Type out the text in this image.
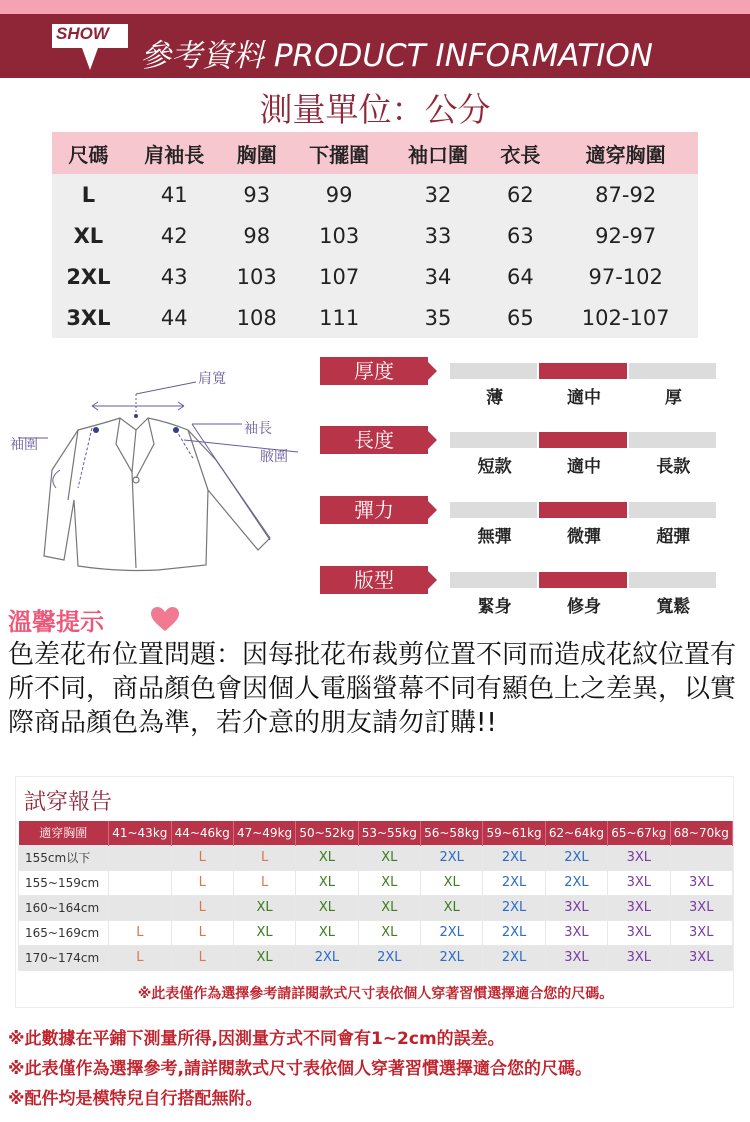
SHOW
參考資料 PRODUCT INFORMATION
測量單位：公分
尺碼	肩袖長	胸圍	下擺圍	袖口圍	衣長	適穿胸圍
L	41	93	99	32	62	87-92
XL	42	98	103	33	63	92-97
2XL	43	103	107	34	64	97-102
3XL	44	108	111	35	65	102-107
肩寬
袖圍
袖長
腋圍
厚度
薄	適中	厚
長度
短款	適中	長款
彈力
無彈	微彈	超彈
版型
緊身	修身	寬鬆
溫馨提示
色差花布位置問題：因每批花布裁剪位置不同而造成花紋位置有所不同，商品顏色會因個人電腦螢幕不同有顯色上之差異，以實際商品顏色為準，若介意的朋友請勿訂購!!
試穿報告
適穿胸圍	41~43kg	44~46kg	47~49kg	50~52kg	53~55kg	56~58kg	59~61kg	62~64kg	65~67kg	68~70kg
155cm以下		L	L	XL	XL	2XL	2XL	2XL	3XL	
155~159cm		L	L	XL	XL	XL	2XL	2XL	3XL	3XL
160~164cm		L	XL	XL	XL	XL	2XL	3XL	3XL	3XL
165~169cm	L	L	XL	XL	XL	2XL	2XL	3XL	3XL	3XL
170~174cm	L	L	XL	2XL	2XL	2XL	2XL	3XL	3XL	3XL
※此表僅作為選擇參考請詳閱款式尺寸表依個人穿著習慣選擇適合您的尺碼。
※此數據在平鋪下測量所得,因測量方式不同會有1~2cm的誤差。
※此表僅作為選擇參考,請詳閱款式尺寸表依個人穿著習慣選擇適合您的尺碼。
※配件均是模特兒自行搭配無附。
